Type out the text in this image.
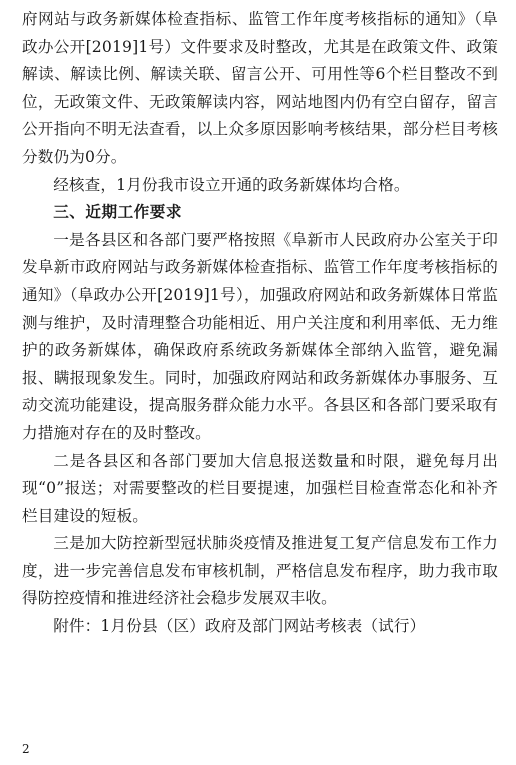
府网站与政务新媒体检查指标、监管工作年度考核指标的通知》（阜政办公开[2019]1号）文件要求及时整改，尤其是在政策文件、政策解读、解读比例、解读关联、留言公开、可用性等6个栏目整改不到位，无政策文件、无政策解读内容，网站地图内仍有空白留存，留言公开指向不明无法查看，以上众多原因影响考核结果，部分栏目考核分数仍为0分。

经核查，1月份我市设立开通的政务新媒体均合格。

三、近期工作要求

一是各县区和各部门要严格按照《阜新市人民政府办公室关于印发阜新市政府网站与政务新媒体检查指标、监管工作年度考核指标的通知》（阜政办公开[2019]1号），加强政府网站和政务新媒体日常监测与维护，及时清理整合功能相近、用户关注度和利用率低、无力维护的政务新媒体，确保政府系统政务新媒体全部纳入监管，避免漏报、瞒报现象发生。同时，加强政府网站和政务新媒体办事服务、互动交流功能建设，提高服务群众能力水平。各县区和各部门要采取有力措施对存在的及时整改。

二是各县区和各部门要加大信息报送数量和时限，避免每月出现“0”报送；对需要整改的栏目要提速，加强栏目检查常态化和补齐栏目建设的短板。

三是加大防控新型冠状肺炎疫情及推进复工复产信息发布工作力度，进一步完善信息发布审核机制，严格信息发布程序，助力我市取得防控疫情和推进经济社会稳步发展双丰收。

附件：1月份县（区）政府及部门网站考核表（试行）

2
